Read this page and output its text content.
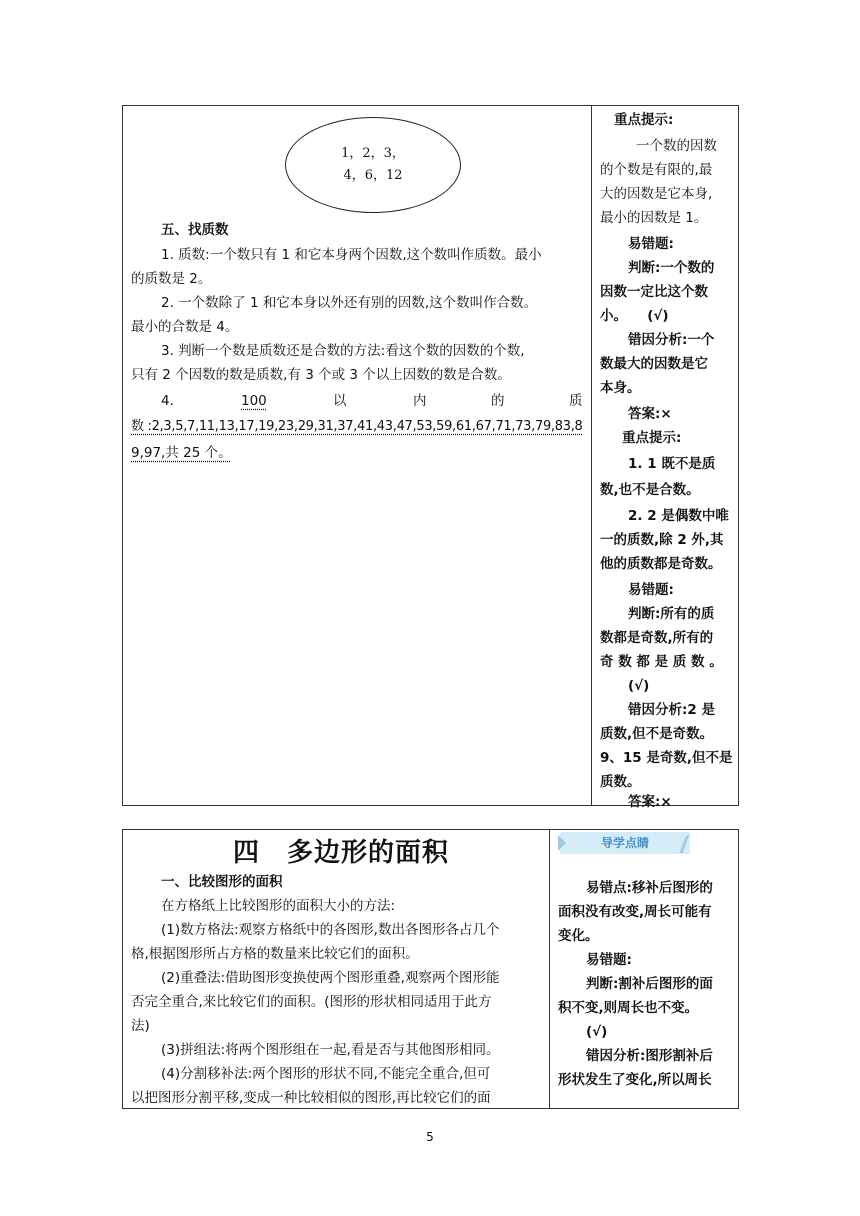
1，2，3，
4，6，12
五、找质数
1. 质数:一个数只有 1 和它本身两个因数,这个数叫作质数。最小
的质数是 2。
2. 一个数除了 1 和它本身以外还有别的因数,这个数叫作合数。
最小的合数是 4。
3. 判断一个数是质数还是合数的方法:看这个数的因数的个数,
只有 2 个因数的数是质数,有 3 个或 3 个以上因数的数是合数。
4.	100	以	内	的	质
数 :2,3,5,7,11,13,17,19,23,29,31,37,41,43,47,53,59,61,67,71,73,79,83,8
9,97,共 25 个。
重点提示:
一个数的因数
的个数是有限的,最
大的因数是它本身,
最小的因数是 1。
易错题:
判断:一个数的
因数一定比这个数
小。　　(√)
错因分析:一个
数最大的因数是它
本身。
答案:×
重点提示:
1. 1 既不是质
数,也不是合数。
2. 2 是偶数中唯
一的质数,除 2 外,其
他的质数都是奇数。
易错题:
判断:所有的质
数都是奇数,所有的
奇 数 都 是 质 数 。
(√)
错因分析:2 是
质数,但不是奇数。
9、15 是奇数,但不是
质数。
答案:×
四　多边形的面积
一、比较图形的面积
在方格纸上比较图形的面积大小的方法:
(1)数方格法:观察方格纸中的各图形,数出各图形各占几个
格,根据图形所占方格的数量来比较它们的面积。
(2)重叠法:借助图形变换使两个图形重叠,观察两个图形能
否完全重合,来比较它们的面积。(图形的形状相同适用于此方
法)
(3)拼组法:将两个图形组在一起,看是否与其他图形相同。
(4)分割移补法:两个图形的形状不同,不能完全重合,但可
以把图形分割平移,变成一种比较相似的图形,再比较它们的面
导学点睛
易错点:移补后图形的
面积没有改变,周长可能有
变化。
易错题:
判断:割补后图形的面
积不变,则周长也不变。
(√)
错因分析:图形割补后
形状发生了变化,所以周长
5
